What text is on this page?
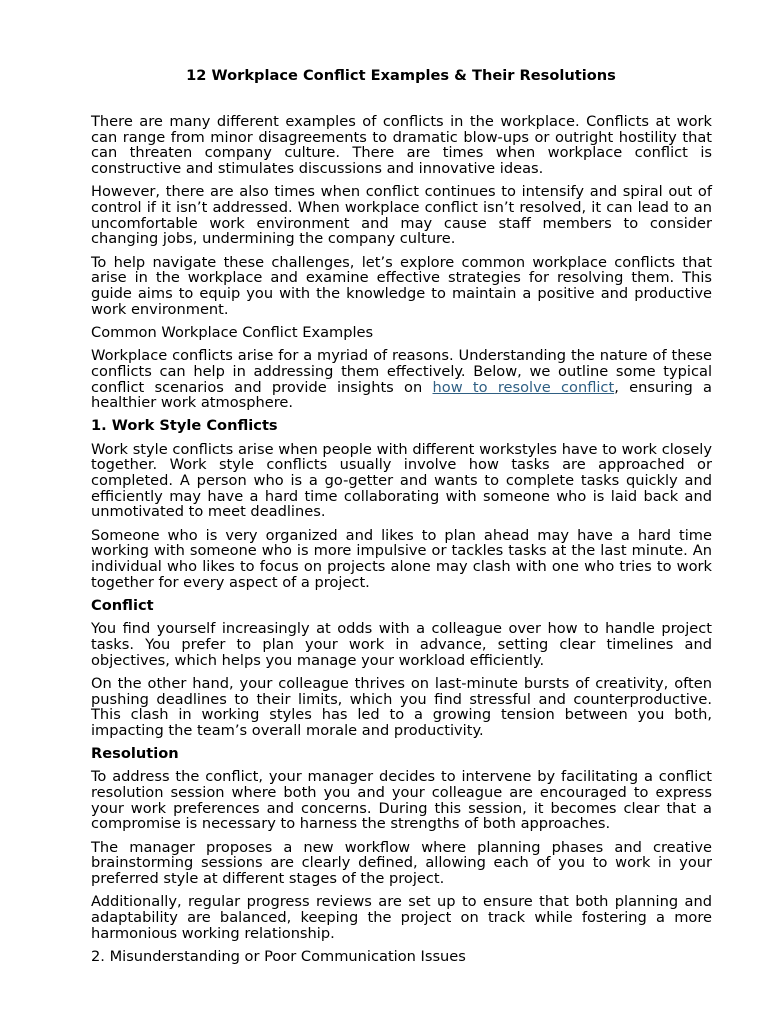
12 Workplace Conflict Examples & Their Resolutions

There are many different examples of conflicts in the workplace. Conflicts at work can range from minor disagreements to dramatic blow-ups or outright hostility that can threaten company culture. There are times when workplace conflict is constructive and stimulates discussions and innovative ideas.

However, there are also times when conflict continues to intensify and spiral out of control if it isn’t addressed. When workplace conflict isn’t resolved, it can lead to an uncomfortable work environment and may cause staff members to consider changing jobs, undermining the company culture.

To help navigate these challenges, let’s explore common workplace conflicts that arise in the workplace and examine effective strategies for resolving them. This guide aims to equip you with the knowledge to maintain a positive and productive work environment.

Common Workplace Conflict Examples

Workplace conflicts arise for a myriad of reasons. Understanding the nature of these conflicts can help in addressing them effectively. Below, we outline some typical conflict scenarios and provide insights on how to resolve conflict, ensuring a healthier work atmosphere.

1. Work Style Conflicts

Work style conflicts arise when people with different workstyles have to work closely together. Work style conflicts usually involve how tasks are approached or completed. A person who is a go-getter and wants to complete tasks quickly and efficiently may have a hard time collaborating with someone who is laid back and unmotivated to meet deadlines.

Someone who is very organized and likes to plan ahead may have a hard time working with someone who is more impulsive or tackles tasks at the last minute. An individual who likes to focus on projects alone may clash with one who tries to work together for every aspect of a project.

Conflict

You find yourself increasingly at odds with a colleague over how to handle project tasks. You prefer to plan your work in advance, setting clear timelines and objectives, which helps you manage your workload efficiently.

On the other hand, your colleague thrives on last-minute bursts of creativity, often pushing deadlines to their limits, which you find stressful and counterproductive. This clash in working styles has led to a growing tension between you both, impacting the team’s overall morale and productivity.

Resolution

To address the conflict, your manager decides to intervene by facilitating a conflict resolution session where both you and your colleague are encouraged to express your work preferences and concerns. During this session, it becomes clear that a compromise is necessary to harness the strengths of both approaches.

The manager proposes a new workflow where planning phases and creative brainstorming sessions are clearly defined, allowing each of you to work in your preferred style at different stages of the project.

Additionally, regular progress reviews are set up to ensure that both planning and adaptability are balanced, keeping the project on track while fostering a more harmonious working relationship.

2. Misunderstanding or Poor Communication Issues
